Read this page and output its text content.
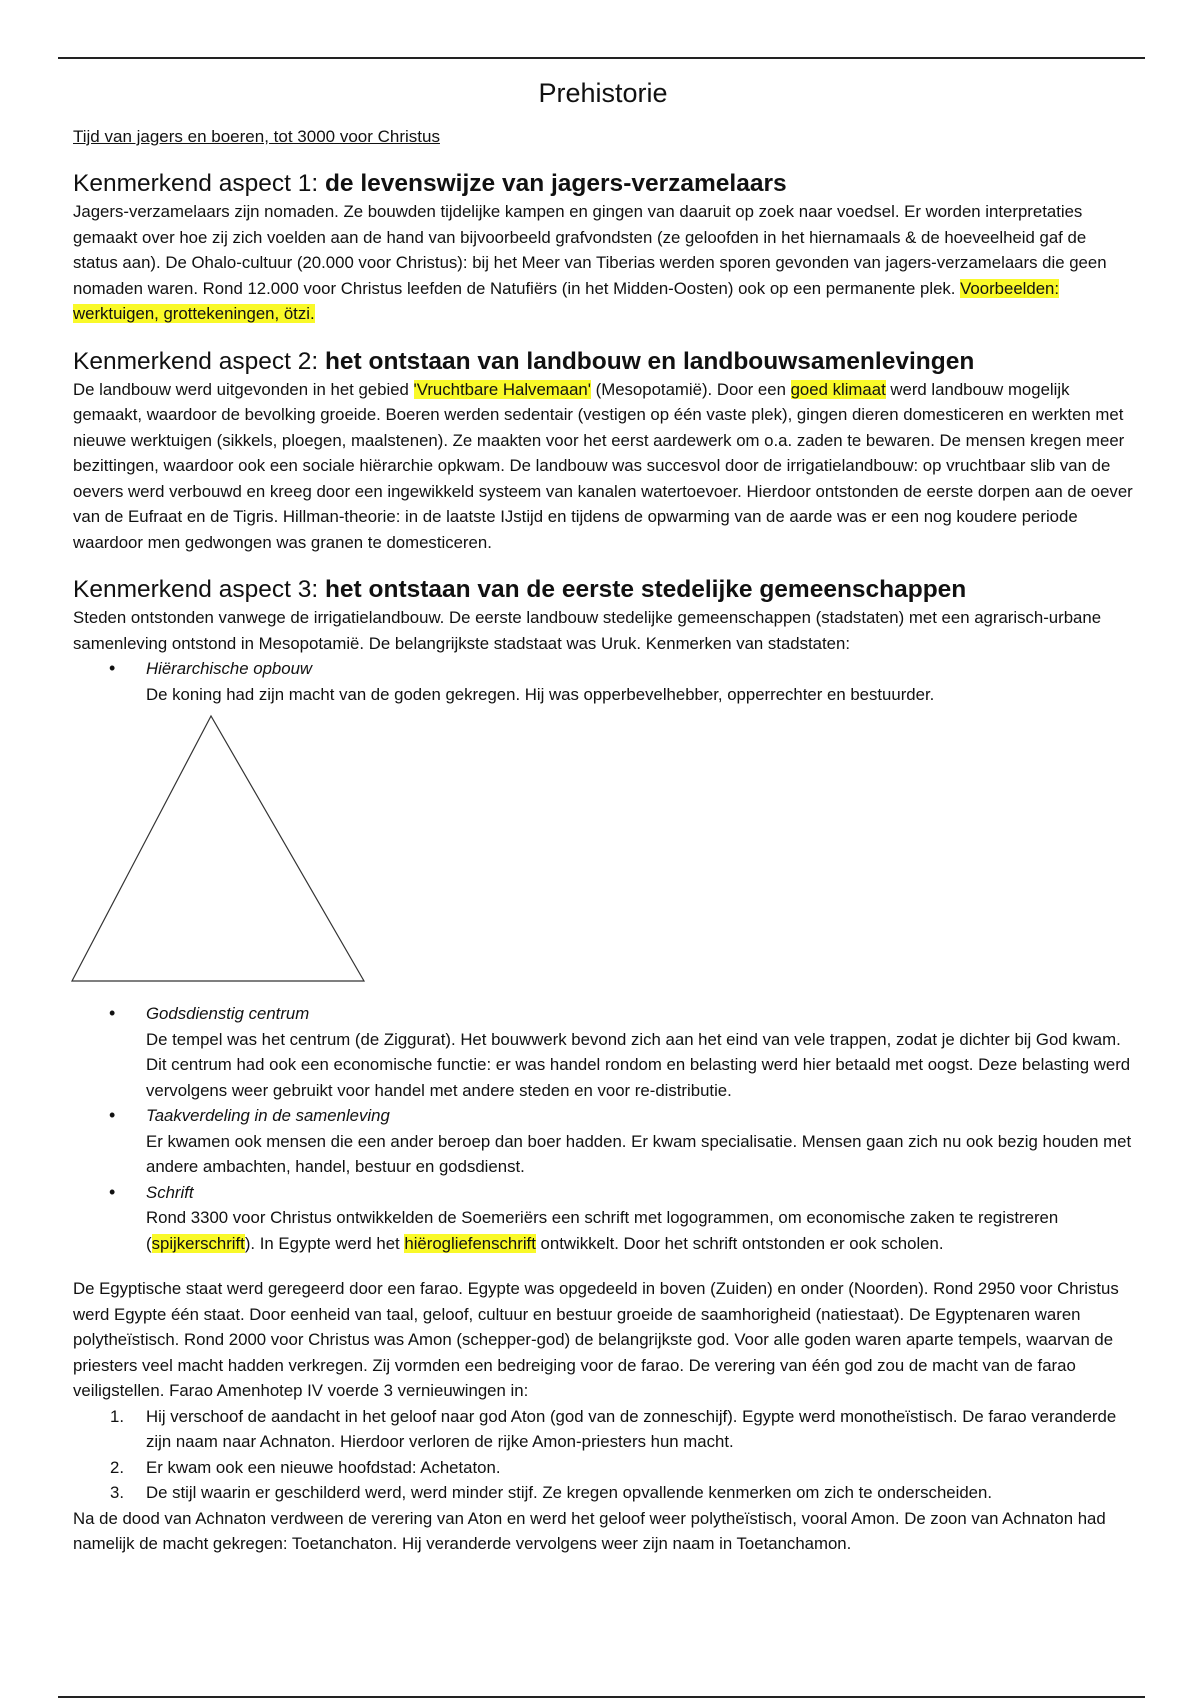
Prehistorie
Tijd van jagers en boeren, tot 3000 voor Christus
Kenmerkend aspect 1: de levenswijze van jagers-verzamelaars

Jagers-verzamelaars zijn nomaden. Ze bouwden tijdelijke kampen en gingen van daaruit op zoek naar voedsel. Er worden interpretaties gemaakt over hoe zij zich voelden aan de hand van bijvoorbeeld grafvondsten (ze geloofden in het hiernamaals & de hoeveelheid gaf de status aan). De Ohalo-cultuur (20.000 voor Christus): bij het Meer van Tiberias werden sporen gevonden van jagers-verzamelaars die geen nomaden waren. Rond 12.000 voor Christus leefden de Natufiërs (in het Midden-Oosten) ook op een permanente plek. Voorbeelden: werktuigen, grottekeningen, ötzi.

Kenmerkend aspect 2: het ontstaan van landbouw en landbouwsamenlevingen

De landbouw werd uitgevonden in het gebied 'Vruchtbare Halvemaan' (Mesopotamië). Door een goed klimaat werd landbouw mogelijk gemaakt, waardoor de bevolking groeide. Boeren werden sedentair (vestigen op één vaste plek), gingen dieren domesticeren en werkten met nieuwe werktuigen (sikkels, ploegen, maalstenen). Ze maakten voor het eerst aardewerk om o.a. zaden te bewaren. De mensen kregen meer bezittingen, waardoor ook een sociale hiërarchie opkwam. De landbouw was succesvol door de irrigatielandbouw: op vruchtbaar slib van de oevers werd verbouwd en kreeg door een ingewikkeld systeem van kanalen watertoevoer. Hierdoor ontstonden de eerste dorpen aan de oever van de Eufraat en de Tigris. Hillman-theorie: in de laatste IJstijd en tijdens de opwarming van de aarde was er een nog koudere periode waardoor men gedwongen was granen te domesticeren.

Kenmerkend aspect 3: het ontstaan van de eerste stedelijke gemeenschappen

Steden ontstonden vanwege de irrigatielandbouw. De eerste landbouw stedelijke gemeenschappen (stadstaten) met een agrarisch-urbane samenleving ontstond in Mesopotamië. De belangrijkste stadstaat was Uruk. Kenmerken van stadstaten:

• Hiërarchische opbouw
De koning had zijn macht van de goden gekregen. Hij was opperbevelhebber, opperrechter en bestuurder.
• Godsdienstig centrum
De tempel was het centrum (de Ziggurat). Het bouwwerk bevond zich aan het eind van vele trappen, zodat je dichter bij God kwam. Dit centrum had ook een economische functie: er was handel rondom en belasting werd hier betaald met oogst. Deze belasting werd vervolgens weer gebruikt voor handel met andere steden en voor re-distributie.
• Taakverdeling in de samenleving
Er kwamen ook mensen die een ander beroep dan boer hadden. Er kwam specialisatie. Mensen gaan zich nu ook bezig houden met andere ambachten, handel, bestuur en godsdienst.
• Schrift
Rond 3300 voor Christus ontwikkelden de Soemeriërs een schrift met logogrammen, om economische zaken te registreren (spijkerschrift). In Egypte werd het hiërogliefenschrift ontwikkelt. Door het schrift ontstonden er ook scholen.

De Egyptische staat werd geregeerd door een farao. Egypte was opgedeeld in boven (Zuiden) en onder (Noorden). Rond 2950 voor Christus werd Egypte één staat. Door eenheid van taal, geloof, cultuur en bestuur groeide de saamhorigheid (natiestaat). De Egyptenaren waren polytheïstisch. Rond 2000 voor Christus was Amon (schepper-god) de belangrijkste god. Voor alle goden waren aparte tempels, waarvan de priesters veel macht hadden verkregen. Zij vormden een bedreiging voor de farao. De verering van één god zou de macht van de farao veiligstellen. Farao Amenhotep IV voerde 3 vernieuwingen in:

1. Hij verschoof de aandacht in het geloof naar god Aton (god van de zonneschijf). Egypte werd monotheïstisch. De farao veranderde zijn naam naar Achnaton. Hierdoor verloren de rijke Amon-priesters hun macht.
2. Er kwam ook een nieuwe hoofdstad: Achetaton.
3. De stijl waarin er geschilderd werd, werd minder stijf. Ze kregen opvallende kenmerken om zich te onderscheiden.

Na de dood van Achnaton verdween de verering van Aton en werd het geloof weer polytheïstisch, vooral Amon. De zoon van Achnaton had namelijk de macht gekregen: Toetanchaton. Hij veranderde vervolgens weer zijn naam in Toetanchamon.
